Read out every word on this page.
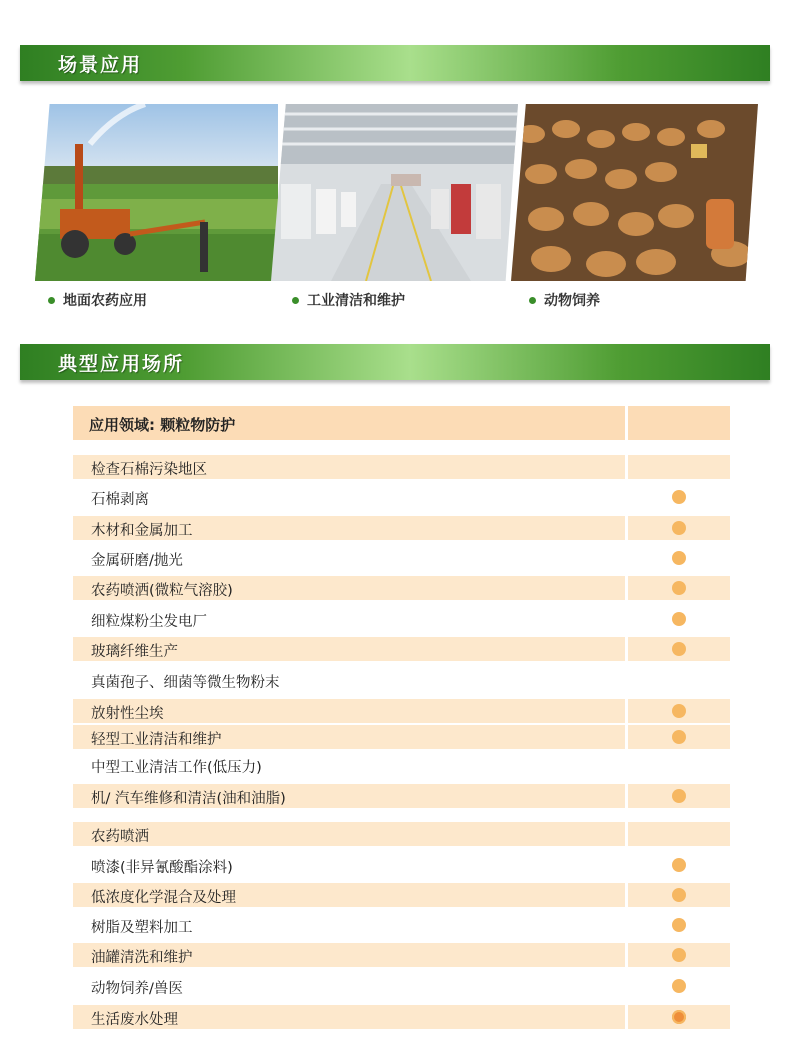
场景应用
地面农药应用	工业清洁和维护	动物饲养
典型应用场所
应用领域: 颗粒物防护
检查石棉污染地区
石棉剥离
木材和金属加工
金属研磨/抛光
农药喷洒(微粒气溶胶)
细粒煤粉尘发电厂
玻璃纤维生产
真菌孢子、细菌等微生物粉末
放射性尘埃
轻型工业清洁和维护
中型工业清洁工作(低压力)
机/ 汽车维修和清洁(油和油脂)
农药喷洒
喷漆(非异氰酸酯涂料)
低浓度化学混合及处理
树脂及塑料加工
油罐清洗和维护
动物饲养/兽医
生活废水处理
